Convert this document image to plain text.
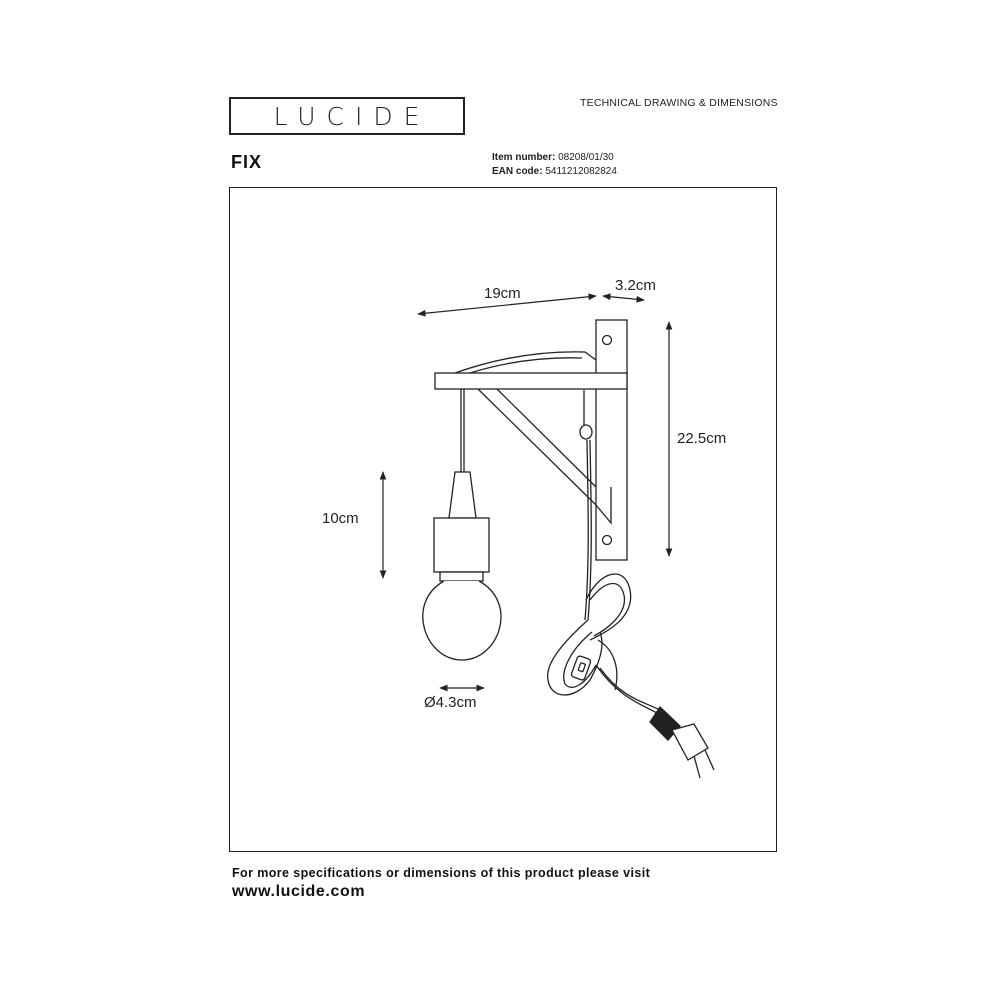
LUCIDE	TECHNICAL DRAWING & DIMENSIONS
FIX	Item number: 08208/01/30
EAN code: 5411212082824
19cm	3.2cm
22.5cm
10cm
Ø4.3cm
For more specifications or dimensions of this product please visit
www.lucide.com
